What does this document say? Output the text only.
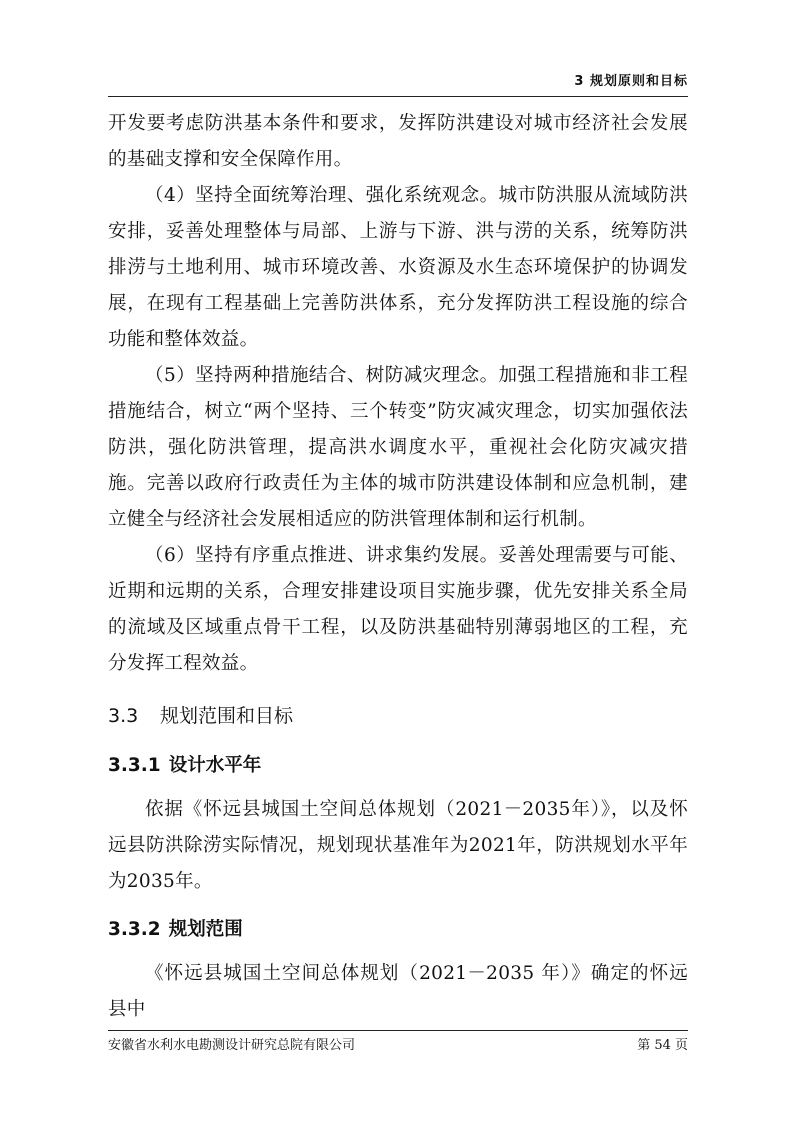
3 规划原则和目标

开发要考虑防洪基本条件和要求，发挥防洪建设对城市经济社会发展的基础支撑和安全保障作用。

（4）坚持全面统筹治理、强化系统观念。城市防洪服从流域防洪安排，妥善处理整体与局部、上游与下游、洪与涝的关系，统筹防洪排涝与土地利用、城市环境改善、水资源及水生态环境保护的协调发展，在现有工程基础上完善防洪体系，充分发挥防洪工程设施的综合功能和整体效益。

（5）坚持两种措施结合、树防减灾理念。加强工程措施和非工程措施结合，树立“两个坚持、三个转变”防灾减灾理念，切实加强依法防洪，强化防洪管理，提高洪水调度水平，重视社会化防灾减灾措施。完善以政府行政责任为主体的城市防洪建设体制和应急机制，建立健全与经济社会发展相适应的防洪管理体制和运行机制。

（6）坚持有序重点推进、讲求集约发展。妥善处理需要与可能、近期和远期的关系，合理安排建设项目实施步骤，优先安排关系全局的流域及区域重点骨干工程，以及防洪基础特别薄弱地区的工程，充分发挥工程效益。

3.3 规划范围和目标
3.3.1 设计水平年

依据《怀远县城国土空间总体规划（2021－2035年）》，以及怀远县防洪除涝实际情况，规划现状基准年为2021年，防洪规划水平年为2035年。

3.3.2 规划范围

《怀远县城国土空间总体规划（2021－2035 年）》确定的怀远县中

安徽省水利水电勘测设计研究总院有限公司	第 54 页
